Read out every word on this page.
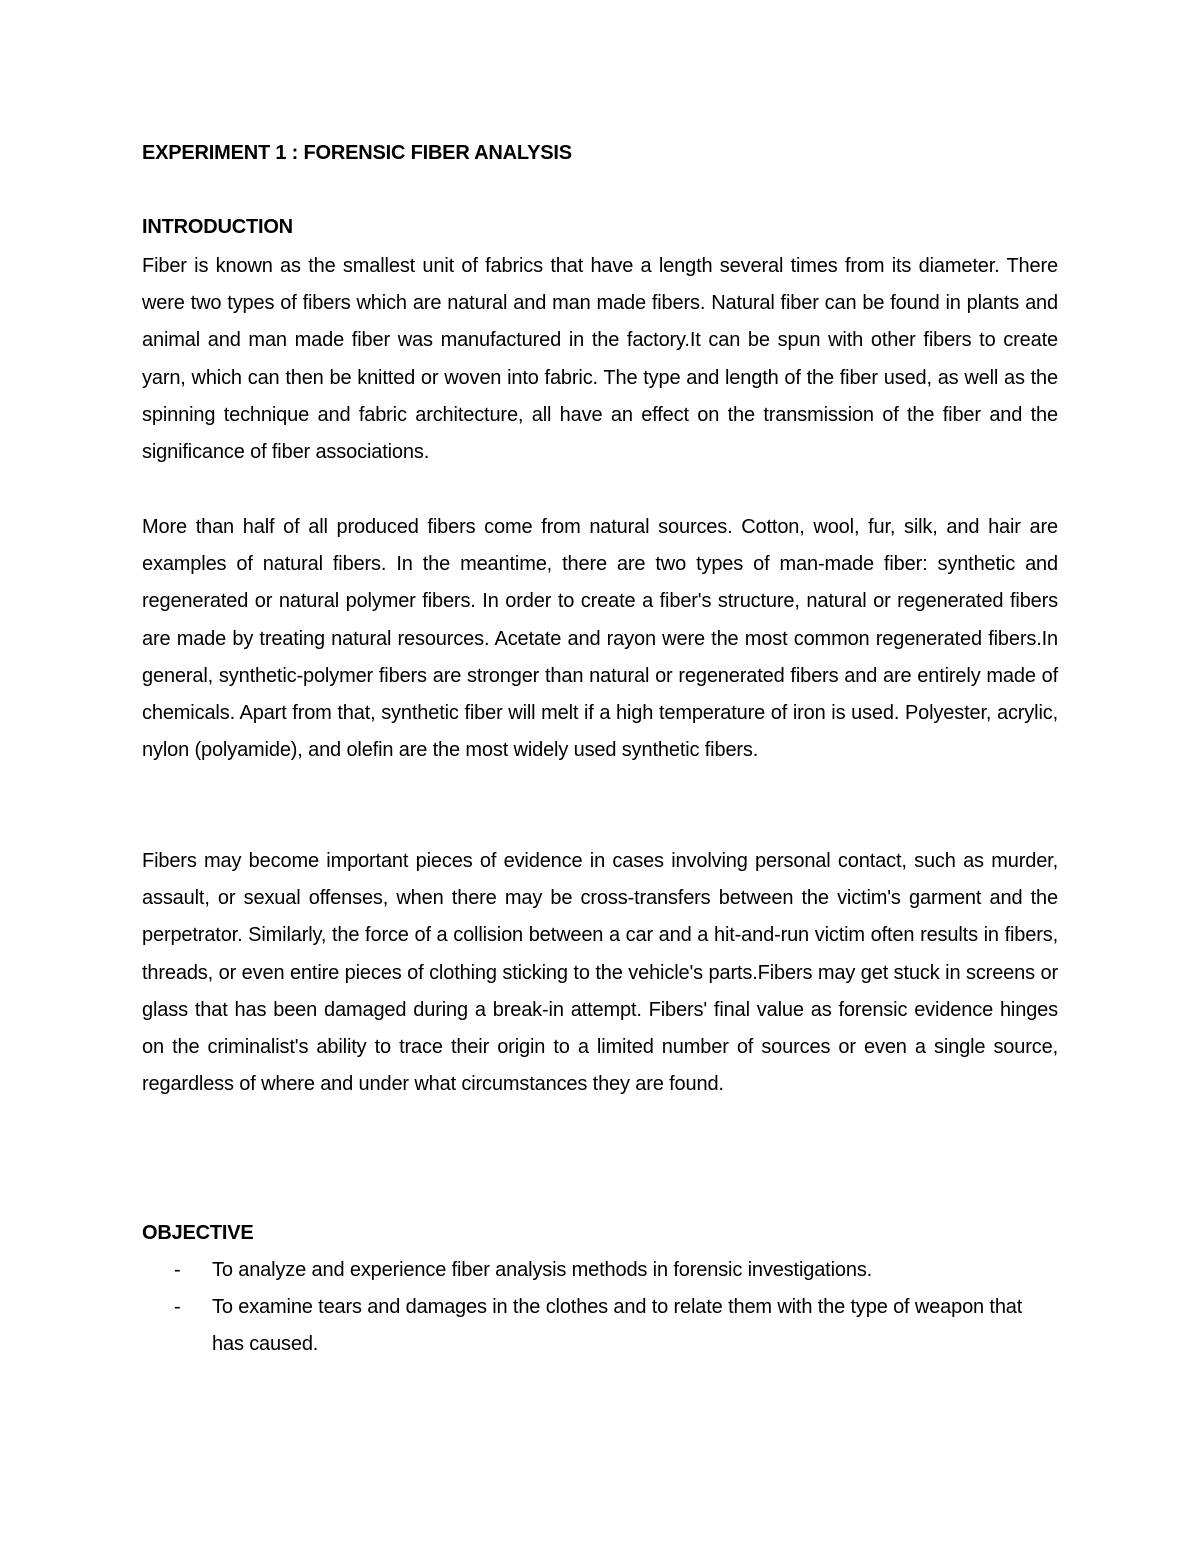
EXPERIMENT 1 : FORENSIC FIBER ANALYSIS
INTRODUCTION
Fiber is known as the smallest unit of fabrics that have a length several times from its diameter. There were two types of fibers which are natural and man made fibers. Natural fiber can be found in plants and animal and man made fiber was manufactured in the factory.It can be spun with other fibers to create yarn, which can then be knitted or woven into fabric. The type and length of the fiber used, as well as the spinning technique and fabric architecture, all have an effect on the transmission of the fiber and the significance of fiber associations.
More than half of all produced fibers come from natural sources. Cotton, wool, fur, silk, and hair are examples of natural fibers. In the meantime, there are two types of man-made fiber: synthetic and regenerated or natural polymer fibers. In order to create a fiber's structure, natural or regenerated fibers are made by treating natural resources. Acetate and rayon were the most common regenerated fibers.In general, synthetic-polymer fibers are stronger than natural or regenerated fibers and are entirely made of chemicals. Apart from that, synthetic fiber will melt if a high temperature of iron is used. Polyester, acrylic, nylon (polyamide), and olefin are the most widely used synthetic fibers.
Fibers may become important pieces of evidence in cases involving personal contact, such as murder, assault, or sexual offenses, when there may be cross-transfers between the victim's garment and the perpetrator. Similarly, the force of a collision between a car and a hit-and-run victim often results in fibers, threads, or even entire pieces of clothing sticking to the vehicle's parts.Fibers may get stuck in screens or glass that has been damaged during a break-in attempt. Fibers' final value as forensic evidence hinges on the criminalist's ability to trace their origin to a limited number of sources or even a single source, regardless of where and under what circumstances they are found.
OBJECTIVE
- To analyze and experience fiber analysis methods in forensic investigations.
- To examine tears and damages in the clothes and to relate them with the type of weapon that has caused.
